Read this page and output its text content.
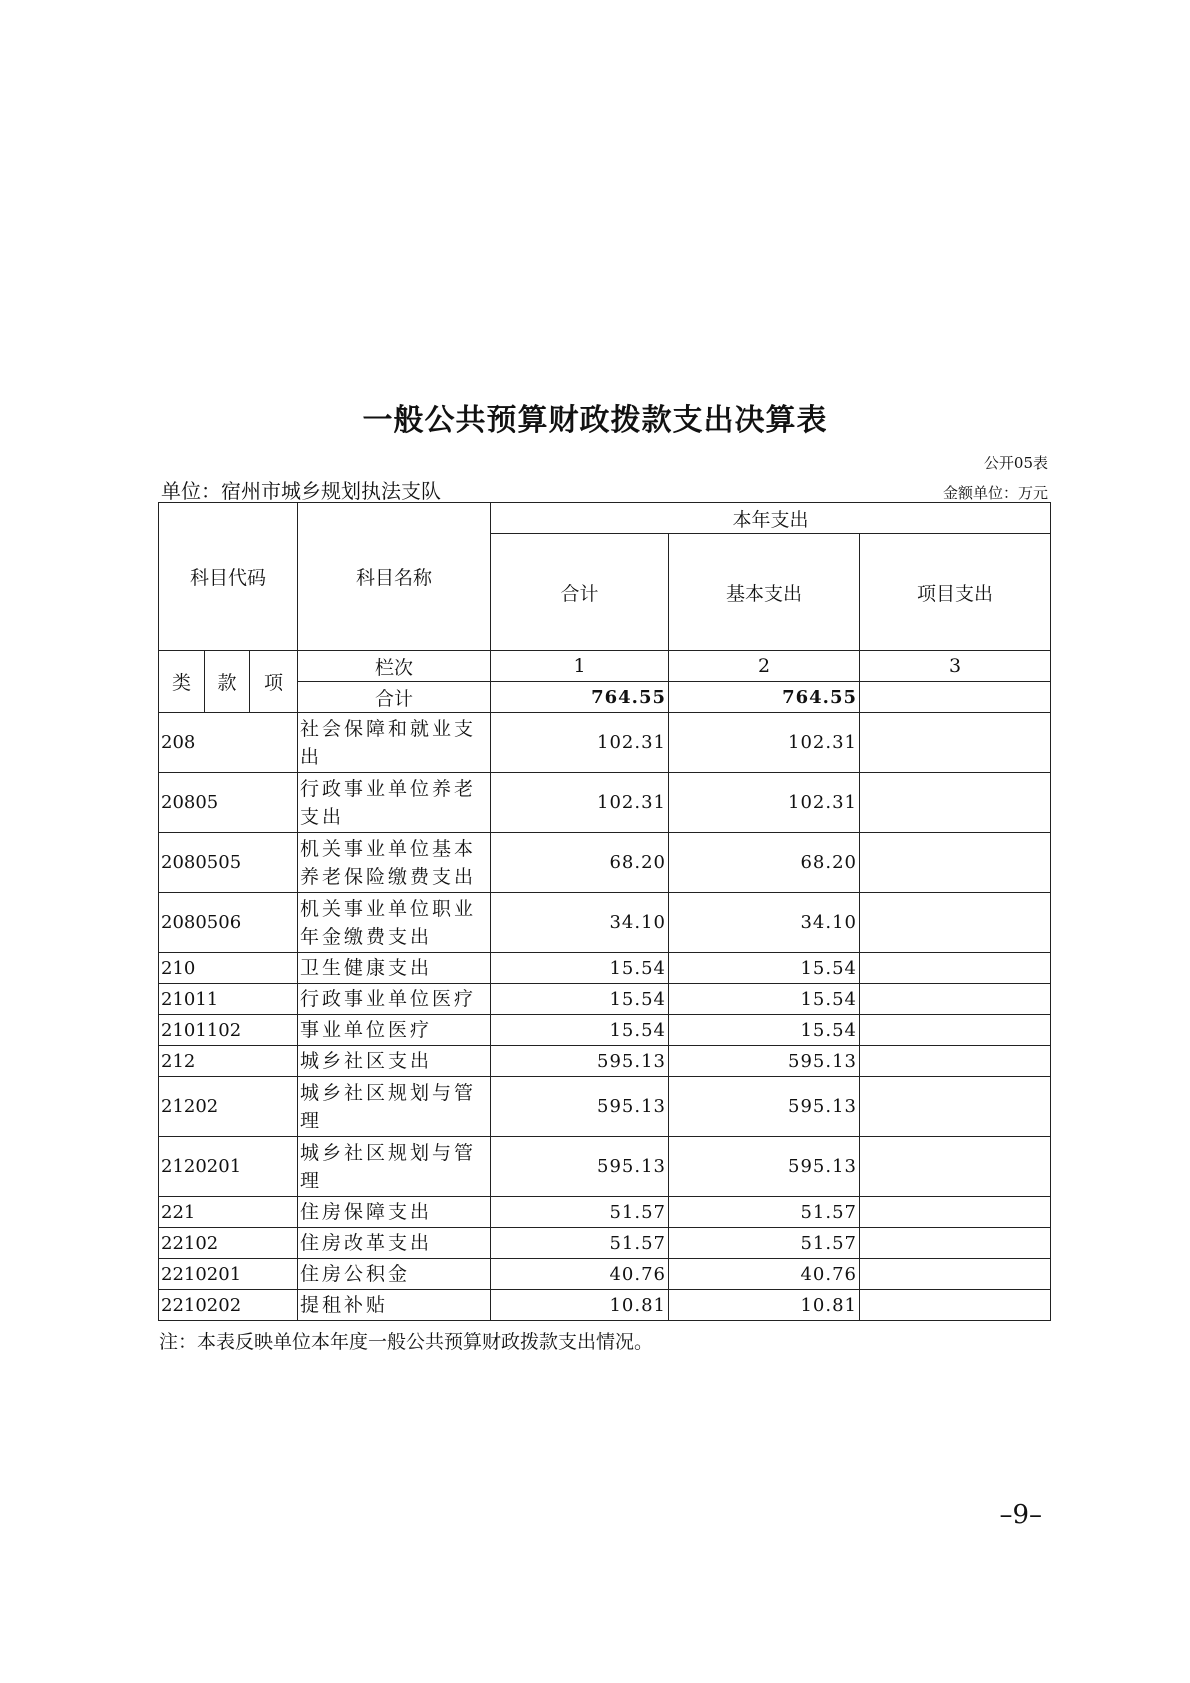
一般公共预算财政拨款支出决算表
公开05表
单位：宿州市城乡规划执法支队	金额单位：万元
科目代码			科目名称	本年支出		
				合计	基本支出	项目支出
类	款	项	栏次	1	2	3
			合计	764.55	764.55	
208			社会保障和就业支出	102.31	102.31	
20805			行政事业单位养老支出	102.31	102.31	
2080505			机关事业单位基本养老保险缴费支出	68.20	68.20	
2080506			机关事业单位职业年金缴费支出	34.10	34.10	
210			卫生健康支出	15.54	15.54	
21011			行政事业单位医疗	15.54	15.54	
2101102			事业单位医疗	15.54	15.54	
212			城乡社区支出	595.13	595.13	
21202			城乡社区规划与管理	595.13	595.13	
2120201			城乡社区规划与管理	595.13	595.13	
221			住房保障支出	51.57	51.57	
22102			住房改革支出	51.57	51.57	
2210201			住房公积金	40.76	40.76	
2210202			提租补贴	10.81	10.81	
注：本表反映单位本年度一般公共预算财政拨款支出情况。
–9–
